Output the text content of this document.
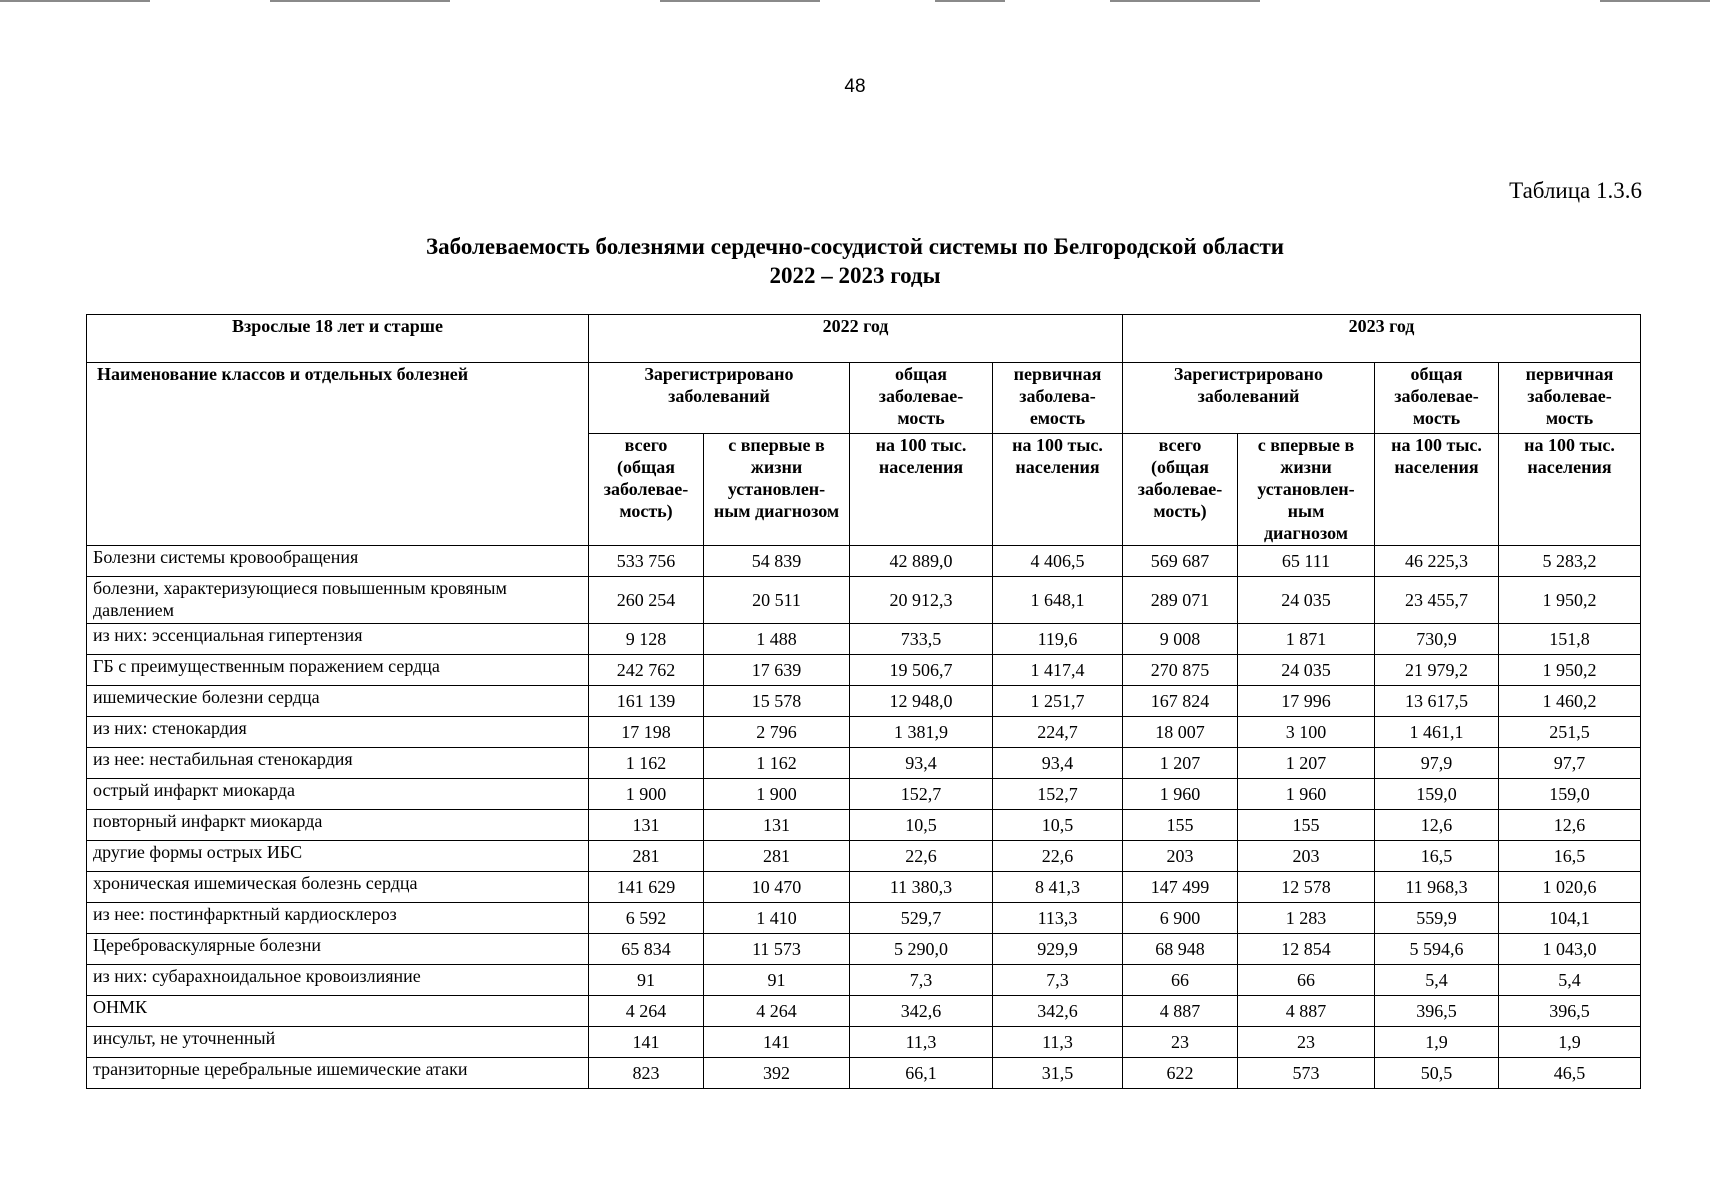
48
Таблица 1.3.6
Заболеваемость болезнями сердечно-сосудистой системы по Белгородской области
2022 – 2023 годы
Взрослые 18 лет и старше	2022 год				2023 год			
Наименование классов и отдельных болезней	Зарегистрировано заболеваний		общая заболевае-мость	первичная заболева-емость	Зарегистрировано заболеваний		общая заболевае-мость	первичная заболевае-мость
	всего (общая заболевае-мость)	с впервые в жизни установлен-ным диагнозом	на 100 тыс. населения	на 100 тыс. населения	всего (общая заболевае-мость)	с впервые в жизни установлен-ным диагнозом	на 100 тыс. населения	на 100 тыс. населения
Болезни системы кровообращения	533 756	54 839	42 889,0	4 406,5	569 687	65 111	46 225,3	5 283,2
болезни, характеризующиеся повышенным кровяным давлением	260 254	20 511	20 912,3	1 648,1	289 071	24 035	23 455,7	1 950,2
из них: эссенциальная гипертензия	9 128	1 488	733,5	119,6	9 008	1 871	730,9	151,8
ГБ с преимущественным поражением сердца	242 762	17 639	19 506,7	1 417,4	270 875	24 035	21 979,2	1 950,2
ишемические болезни сердца	161 139	15 578	12 948,0	1 251,7	167 824	17 996	13 617,5	1 460,2
из них: стенокардия	17 198	2 796	1 381,9	224,7	18 007	3 100	1 461,1	251,5
из нее: нестабильная стенокардия	1 162	1 162	93,4	93,4	1 207	1 207	97,9	97,7
острый инфаркт миокарда	1 900	1 900	152,7	152,7	1 960	1 960	159,0	159,0
повторный инфаркт миокарда	131	131	10,5	10,5	155	155	12,6	12,6
другие формы острых ИБС	281	281	22,6	22,6	203	203	16,5	16,5
хроническая ишемическая болезнь сердца	141 629	10 470	11 380,3	8 41,3	147 499	12 578	11 968,3	1 020,6
из нее: постинфарктный кардиосклероз	6 592	1 410	529,7	113,3	6 900	1 283	559,9	104,1
Цереброваскулярные болезни	65 834	11 573	5 290,0	929,9	68 948	12 854	5 594,6	1 043,0
из них: субарахноидальное кровоизлияние	91	91	7,3	7,3	66	66	5,4	5,4
ОНМК	4 264	4 264	342,6	342,6	4 887	4 887	396,5	396,5
инсульт, не уточненный	141	141	11,3	11,3	23	23	1,9	1,9
транзиторные церебральные ишемические атаки	823	392	66,1	31,5	622	573	50,5	46,5
